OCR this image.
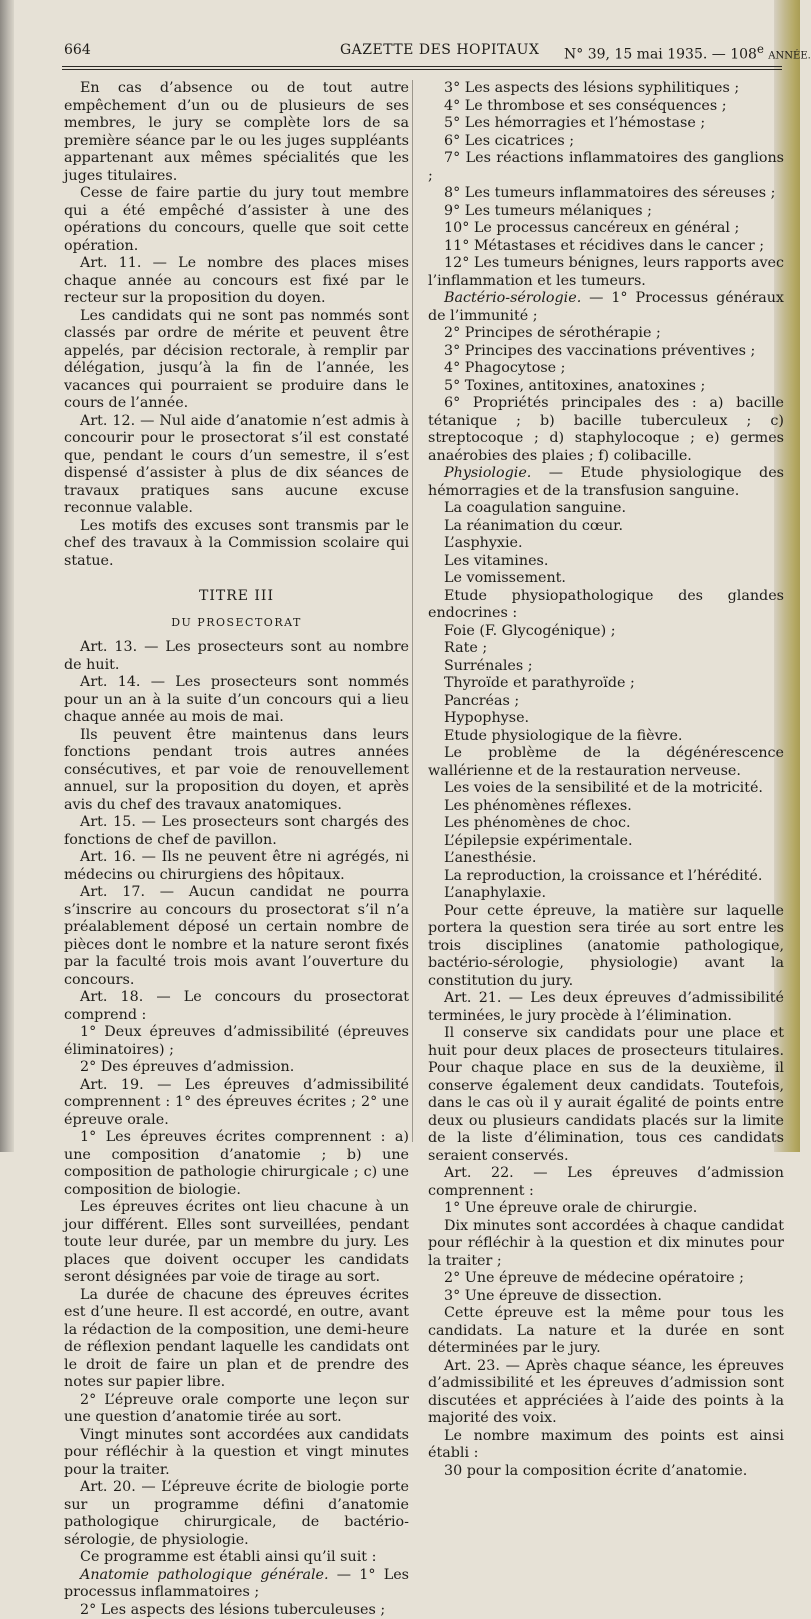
664	GAZETTE DES HOPITAUX N° 39, 15 mai 1935. — 108e ANNÉE.

En cas d’absence ou de tout autre empêchement d’un ou de plusieurs de ses membres, le jury se complète lors de sa première séance par le ou les juges suppléants appartenant aux mêmes spécialités que les juges titulaires.

Cesse de faire partie du jury tout membre qui a été empêché d’assister à une des opérations du concours, quelle que soit cette opération.

Art. 11. — Le nombre des places mises chaque année au concours est fixé par le recteur sur la proposition du doyen.

Les candidats qui ne sont pas nommés sont classés par ordre de mérite et peuvent être appelés, par décision rectorale, à remplir par délégation, jusqu’à la fin de l’année, les vacances qui pourraient se produire dans le cours de l’année.

Art. 12. — Nul aide d’anatomie n’est admis à concourir pour le prosectorat s’il est constaté que, pendant le cours d’un semestre, il s’est dispensé d’assister à plus de dix séances de travaux pratiques sans aucune excuse reconnue valable.

Les motifs des excuses sont transmis par le chef des travaux à la Commission scolaire qui statue.

TITRE III

DU PROSECTORAT

Art. 13. — Les prosecteurs sont au nombre de huit.

Art. 14. — Les prosecteurs sont nommés pour un an à la suite d’un concours qui a lieu chaque année au mois de mai.

Ils peuvent être maintenus dans leurs fonctions pendant trois autres années consécutives, et par voie de renouvellement annuel, sur la proposition du doyen, et après avis du chef des travaux anatomiques.

Art. 15. — Les prosecteurs sont chargés des fonctions de chef de pavillon.

Art. 16. — Ils ne peuvent être ni agrégés, ni médecins ou chirurgiens des hôpitaux.

Art. 17. — Aucun candidat ne pourra s’inscrire au concours du prosectorat s’il n’a préalablement déposé un certain nombre de pièces dont le nombre et la nature seront fixés par la faculté trois mois avant l’ouverture du concours.

Art. 18. — Le concours du prosectorat comprend :

1° Deux épreuves d’admissibilité (épreuves éliminatoires) ;

2° Des épreuves d’admission.

Art. 19. — Les épreuves d’admissibilité comprennent : 1° des épreuves écrites ; 2° une épreuve orale.

1° Les épreuves écrites comprennent : a) une composition d’anatomie ; b) une composition de pathologie chirurgicale ; c) une composition de biologie.

Les épreuves écrites ont lieu chacune à un jour différent. Elles sont surveillées, pendant toute leur durée, par un membre du jury. Les places que doivent occuper les candidats seront désignées par voie de tirage au sort.

La durée de chacune des épreuves écrites est d’une heure. Il est accordé, en outre, avant la rédaction de la composition, une demi-heure de réflexion pendant laquelle les candidats ont le droit de faire un plan et de prendre des notes sur papier libre.

2° L’épreuve orale comporte une leçon sur une question d’anatomie tirée au sort.

Vingt minutes sont accordées aux candidats pour réfléchir à la question et vingt minutes pour la traiter.

Art. 20. — L’épreuve écrite de biologie porte sur un programme défini d’anatomie pathologique chirurgicale, de bactério-sérologie, de physiologie.

Ce programme est établi ainsi qu’il suit :

Anatomie pathologique générale. — 1° Les processus inflammatoires ;

2° Les aspects des lésions tuberculeuses ;

3° Les aspects des lésions syphilitiques ;

4° Le thrombose et ses conséquences ;

5° Les hémorragies et l’hémostase ;

6° Les cicatrices ;

7° Les réactions inflammatoires des ganglions ;

8° Les tumeurs inflammatoires des séreuses ;

9° Les tumeurs mélaniques ;

10° Le processus cancéreux en général ;

11° Métastases et récidives dans le cancer ;

12° Les tumeurs bénignes, leurs rapports avec l’inflammation et les tumeurs.

Bactério-sérologie. — 1° Processus généraux de l’immunité ;

2° Principes de sérothérapie ;

3° Principes des vaccinations préventives ;

4° Phagocytose ;

5° Toxines, antitoxines, anatoxines ;

6° Propriétés principales des : a) bacille tétanique ; b) bacille tuberculeux ; c) streptocoque ; d) staphylocoque ; e) germes anaérobies des plaies ; f) colibacille.

Physiologie. — Etude physiologique des hémorragies et de la transfusion sanguine.

La coagulation sanguine.

La réanimation du cœur.

L’asphyxie.

Les vitamines.

Le vomissement.

Etude physiopathologique des glandes endocrines :

Foie (F. Glycogénique) ;

Rate ;

Surrénales ;

Thyroïde et parathyroïde ;

Pancréas ;

Hypophyse.

Etude physiologique de la fièvre.

Le problème de la dégénérescence wallérienne et de la restauration nerveuse.

Les voies de la sensibilité et de la motricité.

Les phénomènes réflexes.

Les phénomènes de choc.

L’épilepsie expérimentale.

L’anesthésie.

La reproduction, la croissance et l’hérédité.

L’anaphylaxie.

Pour cette épreuve, la matière sur laquelle portera la question sera tirée au sort entre les trois disciplines (anatomie pathologique, bactério-sérologie, physiologie) avant la constitution du jury.

Art. 21. — Les deux épreuves d’admissibilité terminées, le jury procède à l’élimination.

Il conserve six candidats pour une place et huit pour deux places de prosecteurs titulaires. Pour chaque place en sus de la deuxième, il conserve également deux candidats. Toutefois, dans le cas où il y aurait égalité de points entre deux ou plusieurs candidats placés sur la limite de la liste d’élimination, tous ces candidats seraient conservés.

Art. 22. — Les épreuves d’admission comprennent :

1° Une épreuve orale de chirurgie.

Dix minutes sont accordées à chaque candidat pour réfléchir à la question et dix minutes pour la traiter ;

2° Une épreuve de médecine opératoire ;

3° Une épreuve de dissection.

Cette épreuve est la même pour tous les candidats. La nature et la durée en sont déterminées par le jury.

Art. 23. — Après chaque séance, les épreuves d’admissibilité et les épreuves d’admission sont discutées et appréciées à l’aide des points à la majorité des voix.

Le nombre maximum des points est ainsi établi :

30 pour la composition écrite d’anatomie.
